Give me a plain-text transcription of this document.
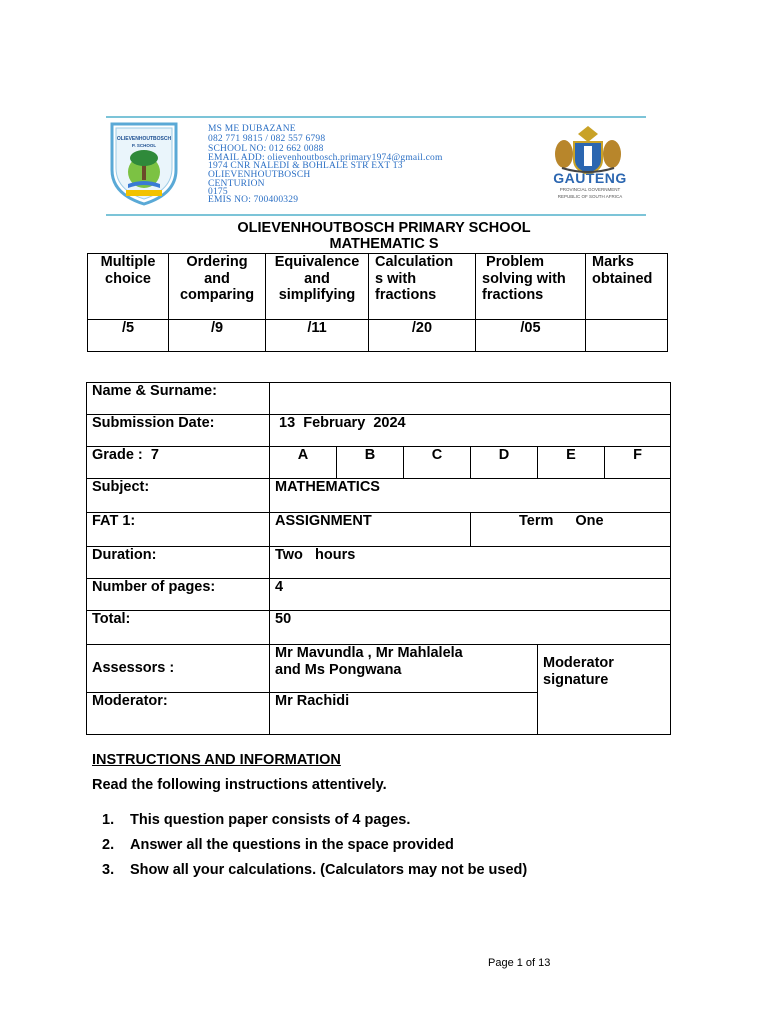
OLIEVENHOUTBOSCH
P. SCHOOL
MS ME DUBAZANE
082 771 9815 / 082 557 6798
SCHOOL NO: 012 662 0088
EMAIL ADD: olievenhoutbosch.primary1974@gmail.com
1974 CNR NALEDI & BOHLALE STR EXT 13
OLIEVENHOUTBOSCH
CENTURION
0175
EMIS NO: 700400329
GAUTENG
PROVINCIAL GOVERNMENT
REPUBLIC OF SOUTH AFRICA
OLIEVENHOUTBOSCH PRIMARY SCHOOL
MATHEMATIC S
Multiple
choice	Ordering
and
comparing	Equivalence
and
simplifying	Calculation
s with
fractions	Problem
solving with
fractions	Marks
obtained
/5	/9	/11	/20	/05	
Name & Surname:						
Submission Date:	13  February  2024					
Grade :  7	A	B	C	D	E	F
Subject:	MATHEMATICS					
FAT 1:	ASSIGNMENT			Term One		
Duration:	Two   hours					
Number of pages:	4					
Total:	50					
Assessors :	Mr Mavundla , Mr Mahlalela
and Ms Pongwana				Moderator signature	
Moderator:	Mr Rachidi					
INSTRUCTIONS AND INFORMATION
Read the following instructions attentively.
1. This question paper consists of 4 pages.
2. Answer all the questions in the space provided
3. Show all your calculations. (Calculators may not be used)
Page 1 of 13
